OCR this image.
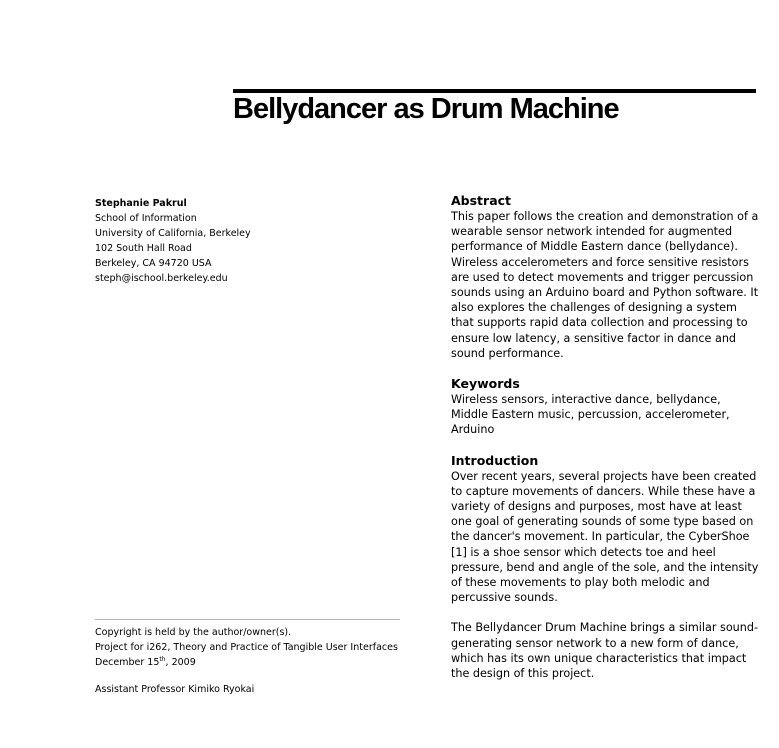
Bellydancer as Drum Machine
Stephanie Pakrul
School of Information
University of California, Berkeley
102 South Hall Road
Berkeley, CA 94720 USA
steph@ischool.berkeley.edu
Copyright is held by the author/owner(s).
Project for i262, Theory and Practice of Tangible User Interfaces
December 15th, 2009
Assistant Professor Kimiko Ryokai
Abstract

This paper follows the creation and demonstration of a wearable sensor network intended for augmented performance of Middle Eastern dance (bellydance). Wireless accelerometers and force sensitive resistors are used to detect movements and trigger percussion sounds using an Arduino board and Python software. It also explores the challenges of designing a system that supports rapid data collection and processing to ensure low latency, a sensitive factor in dance and sound performance.

Keywords

Wireless sensors, interactive dance, bellydance, Middle Eastern music, percussion, accelerometer, Arduino

Introduction

Over recent years, several projects have been created to capture movements of dancers. While these have a variety of designs and purposes, most have at least one goal of generating sounds of some type based on the dancer's movement. In particular, the CyberShoe [1] is a shoe sensor which detects toe and heel pressure, bend and angle of the sole, and the intensity of these movements to play both melodic and percussive sounds.

The Bellydancer Drum Machine brings a similar sound-generating sensor network to a new form of dance, which has its own unique characteristics that impact the design of this project.
